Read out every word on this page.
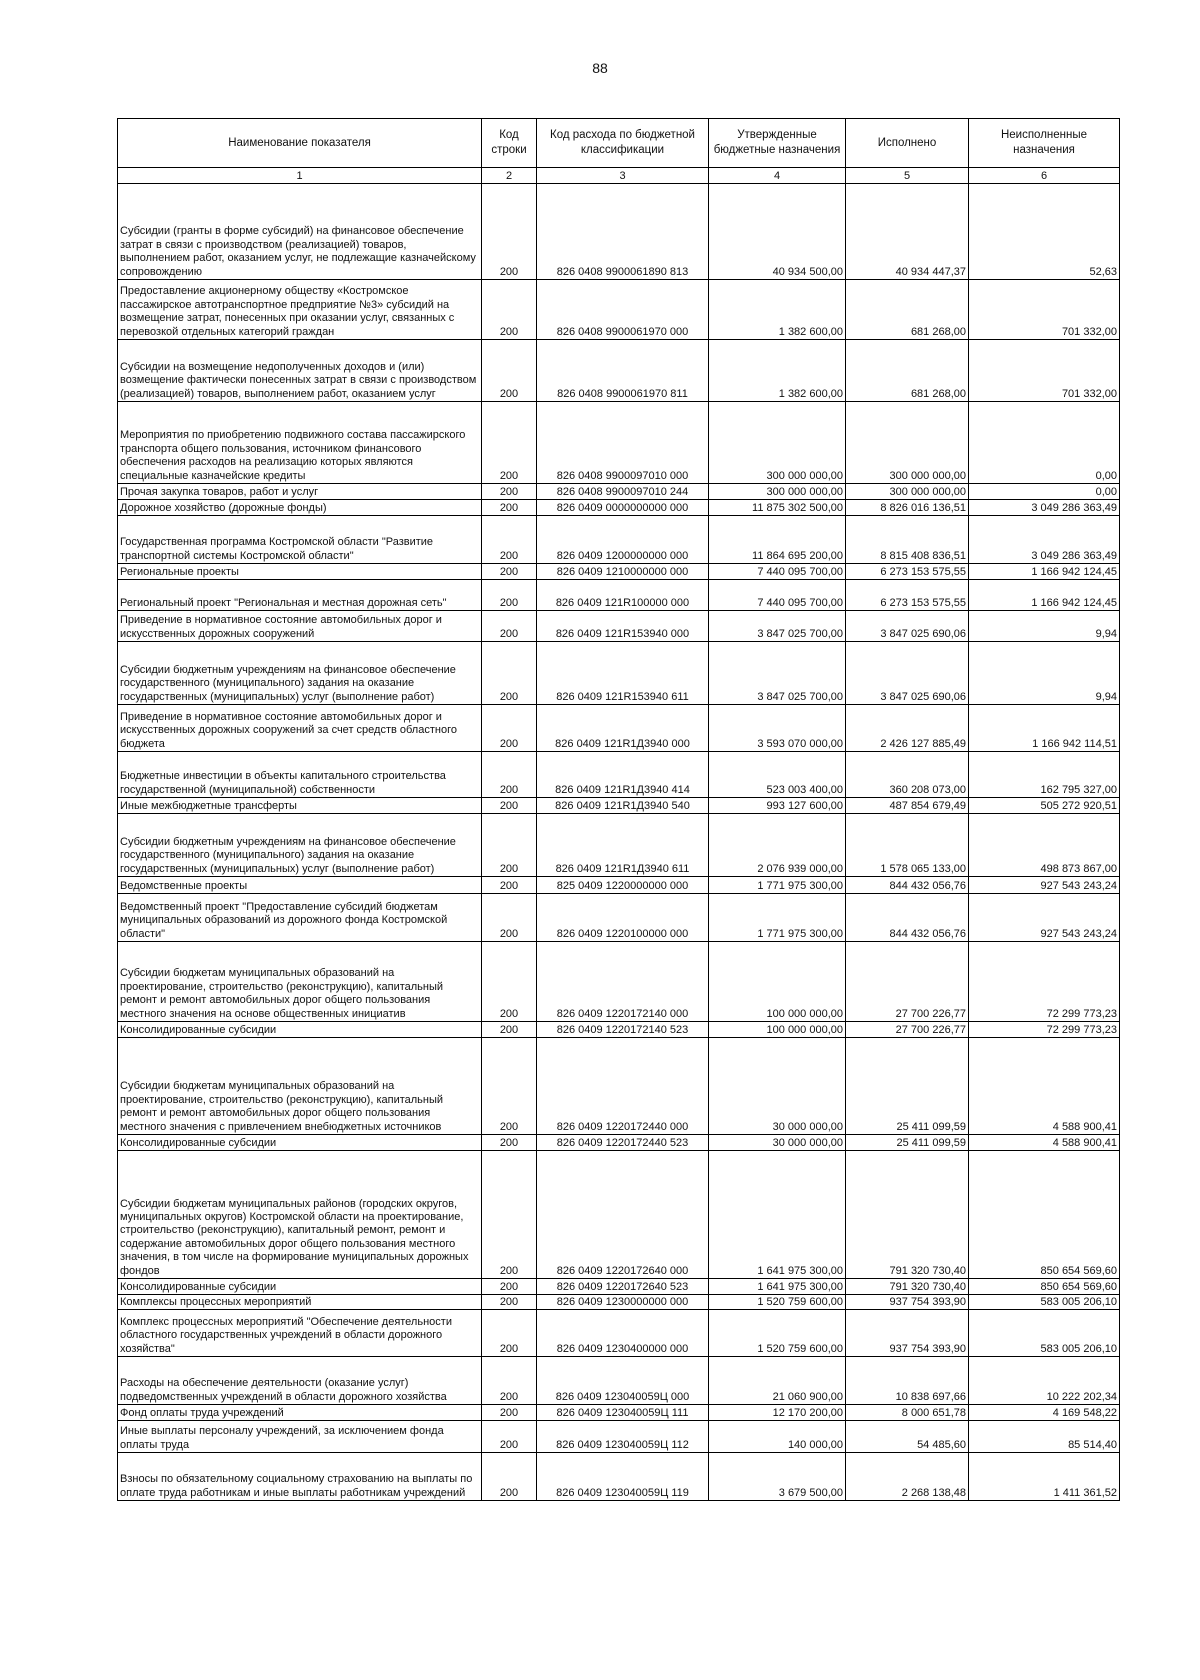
88
Наименование показателя	Код строки	Код расхода по бюджетной классификации	Утвержденные бюджетные назначения	Исполнено	Неисполненные назначения
1	2	3	4	5	6
Субсидии (гранты в форме субсидий) на финансовое обеспечение затрат в связи с производством (реализацией) товаров, выполнением работ, оказанием услуг, не подлежащие казначейскому сопровождению	200	826 0408 9900061890 813	40 934 500,00	40 934 447,37	52,63
Предоставление акционерному обществу «Костромское пассажирское автотранспортное предприятие №3» субсидий на возмещение затрат, понесенных при оказании услуг, связанных с перевозкой отдельных категорий граждан	200	826 0408 9900061970 000	1 382 600,00	681 268,00	701 332,00
Субсидии на возмещение недополученных доходов и (или) возмещение фактически понесенных затрат в связи с производством (реализацией) товаров, выполнением работ, оказанием услуг	200	826 0408 9900061970 811	1 382 600,00	681 268,00	701 332,00
Мероприятия по приобретению подвижного состава пассажирского транспорта общего пользования, источником финансового обеспечения расходов на реализацию которых являются специальные казначейские кредиты	200	826 0408 9900097010 000	300 000 000,00	300 000 000,00	0,00
Прочая закупка товаров, работ и услуг	200	826 0408 9900097010 244	300 000 000,00	300 000 000,00	0,00
Дорожное хозяйство (дорожные фонды)	200	826 0409 0000000000 000	11 875 302 500,00	8 826 016 136,51	3 049 286 363,49
Государственная программа Костромской области "Развитие транспортной системы Костромской области"	200	826 0409 1200000000 000	11 864 695 200,00	8 815 408 836,51	3 049 286 363,49
Региональные проекты	200	826 0409 1210000000 000	7 440 095 700,00	6 273 153 575,55	1 166 942 124,45
Региональный проект "Региональная и местная дорожная сеть"	200	826 0409 121R100000 000	7 440 095 700,00	6 273 153 575,55	1 166 942 124,45
Приведение в нормативное состояние автомобильных дорог и искусственных дорожных сооружений	200	826 0409 121R153940 000	3 847 025 700,00	3 847 025 690,06	9,94
Субсидии бюджетным учреждениям на финансовое обеспечение государственного (муниципального) задания на оказание государственных (муниципальных) услуг (выполнение работ)	200	826 0409 121R153940 611	3 847 025 700,00	3 847 025 690,06	9,94
Приведение в нормативное состояние автомобильных дорог и искусственных дорожных сооружений за счет средств областного бюджета	200	826 0409 121R1Д3940 000	3 593 070 000,00	2 426 127 885,49	1 166 942 114,51
Бюджетные инвестиции в объекты капитального строительства государственной (муниципальной) собственности	200	826 0409 121R1Д3940 414	523 003 400,00	360 208 073,00	162 795 327,00
Иные межбюджетные трансферты	200	826 0409 121R1Д3940 540	993 127 600,00	487 854 679,49	505 272 920,51
Субсидии бюджетным учреждениям на финансовое обеспечение государственного (муниципального) задания на оказание государственных (муниципальных) услуг (выполнение работ)	200	826 0409 121R1Д3940 611	2 076 939 000,00	1 578 065 133,00	498 873 867,00
Ведомственные проекты	200	825 0409 1220000000 000	1 771 975 300,00	844 432 056,76	927 543 243,24
Ведомственный проект "Предоставление субсидий бюджетам муниципальных образований из дорожного фонда Костромской области"	200	826 0409 1220100000 000	1 771 975 300,00	844 432 056,76	927 543 243,24
Субсидии бюджетам муниципальных образований на проектирование, строительство (реконструкцию), капитальный ремонт и ремонт автомобильных дорог общего пользования местного значения на основе общественных инициатив	200	826 0409 1220172140 000	100 000 000,00	27 700 226,77	72 299 773,23
Консолидированные субсидии	200	826 0409 1220172140 523	100 000 000,00	27 700 226,77	72 299 773,23
Субсидии бюджетам муниципальных образований на проектирование, строительство (реконструкцию), капитальный ремонт и ремонт автомобильных дорог общего пользования местного значения с привлечением внебюджетных источников	200	826 0409 1220172440 000	30 000 000,00	25 411 099,59	4 588 900,41
Консолидированные субсидии	200	826 0409 1220172440 523	30 000 000,00	25 411 099,59	4 588 900,41
Субсидии бюджетам муниципальных районов (городских округов, муниципальных округов) Костромской области на проектирование, строительство (реконструкцию), капитальный ремонт, ремонт и содержание автомобильных дорог общего пользования местного значения, в том числе на формирование муниципальных дорожных фондов	200	826 0409 1220172640 000	1 641 975 300,00	791 320 730,40	850 654 569,60
Консолидированные субсидии	200	826 0409 1220172640 523	1 641 975 300,00	791 320 730,40	850 654 569,60
Комплексы процессных мероприятий	200	826 0409 1230000000 000	1 520 759 600,00	937 754 393,90	583 005 206,10
Комплекс процессных мероприятий "Обеспечение деятельности областного государственных учреждений в области дорожного хозяйства"	200	826 0409 1230400000 000	1 520 759 600,00	937 754 393,90	583 005 206,10
Расходы на обеспечение деятельности (оказание услуг) подведомственных учреждений в области дорожного хозяйства	200	826 0409 123040059Ц 000	21 060 900,00	10 838 697,66	10 222 202,34
Фонд оплаты труда учреждений	200	826 0409 123040059Ц 111	12 170 200,00	8 000 651,78	4 169 548,22
Иные выплаты персоналу учреждений, за исключением фонда оплаты труда	200	826 0409 123040059Ц 112	140 000,00	54 485,60	85 514,40
Взносы по обязательному социальному страхованию на выплаты по оплате труда работникам и иные выплаты работникам учреждений	200	826 0409 123040059Ц 119	3 679 500,00	2 268 138,48	1 411 361,52
